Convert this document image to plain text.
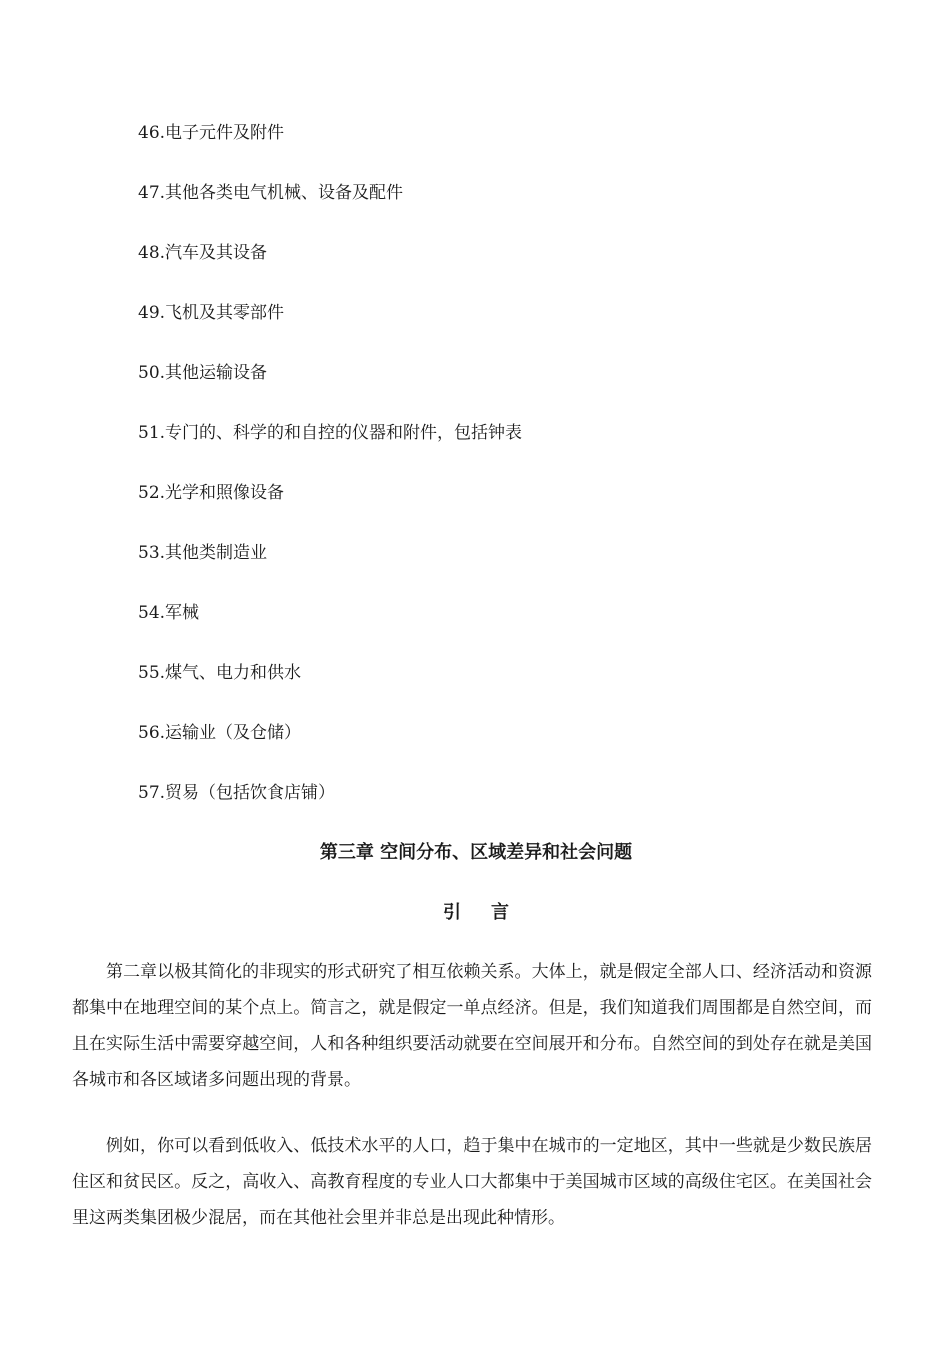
46.电子元件及附件
47.其他各类电气机械、设备及配件
48.汽车及其设备
49.飞机及其零部件
50.其他运输设备
51.专门的、科学的和自控的仪器和附件，包括钟表
52.光学和照像设备
53.其他类制造业
54.军械
55.煤气、电力和供水
56.运输业（及仓储）
57.贸易（包括饮食店铺）
第三章 空间分布、区域差异和社会问题
引言

第二章以极其简化的非现实的形式研究了相互依赖关系。大体上，就是假定全部人口、经济活动和资源都集中在地理空间的某个点上。简言之，就是假定一单点经济。但是，我们知道我们周围都是自然空间，而且在实际生活中需要穿越空间，人和各种组织要活动就要在空间展开和分布。自然空间的到处存在就是美国各城市和各区域诸多问题出现的背景。

例如，你可以看到低收入、低技术水平的人口，趋于集中在城市的一定地区，其中一些就是少数民族居住区和贫民区。反之，高收入、高教育程度的专业人口大都集中于美国城市区域的高级住宅区。在美国社会里这两类集团极少混居，而在其他社会里并非总是出现此种情形。
